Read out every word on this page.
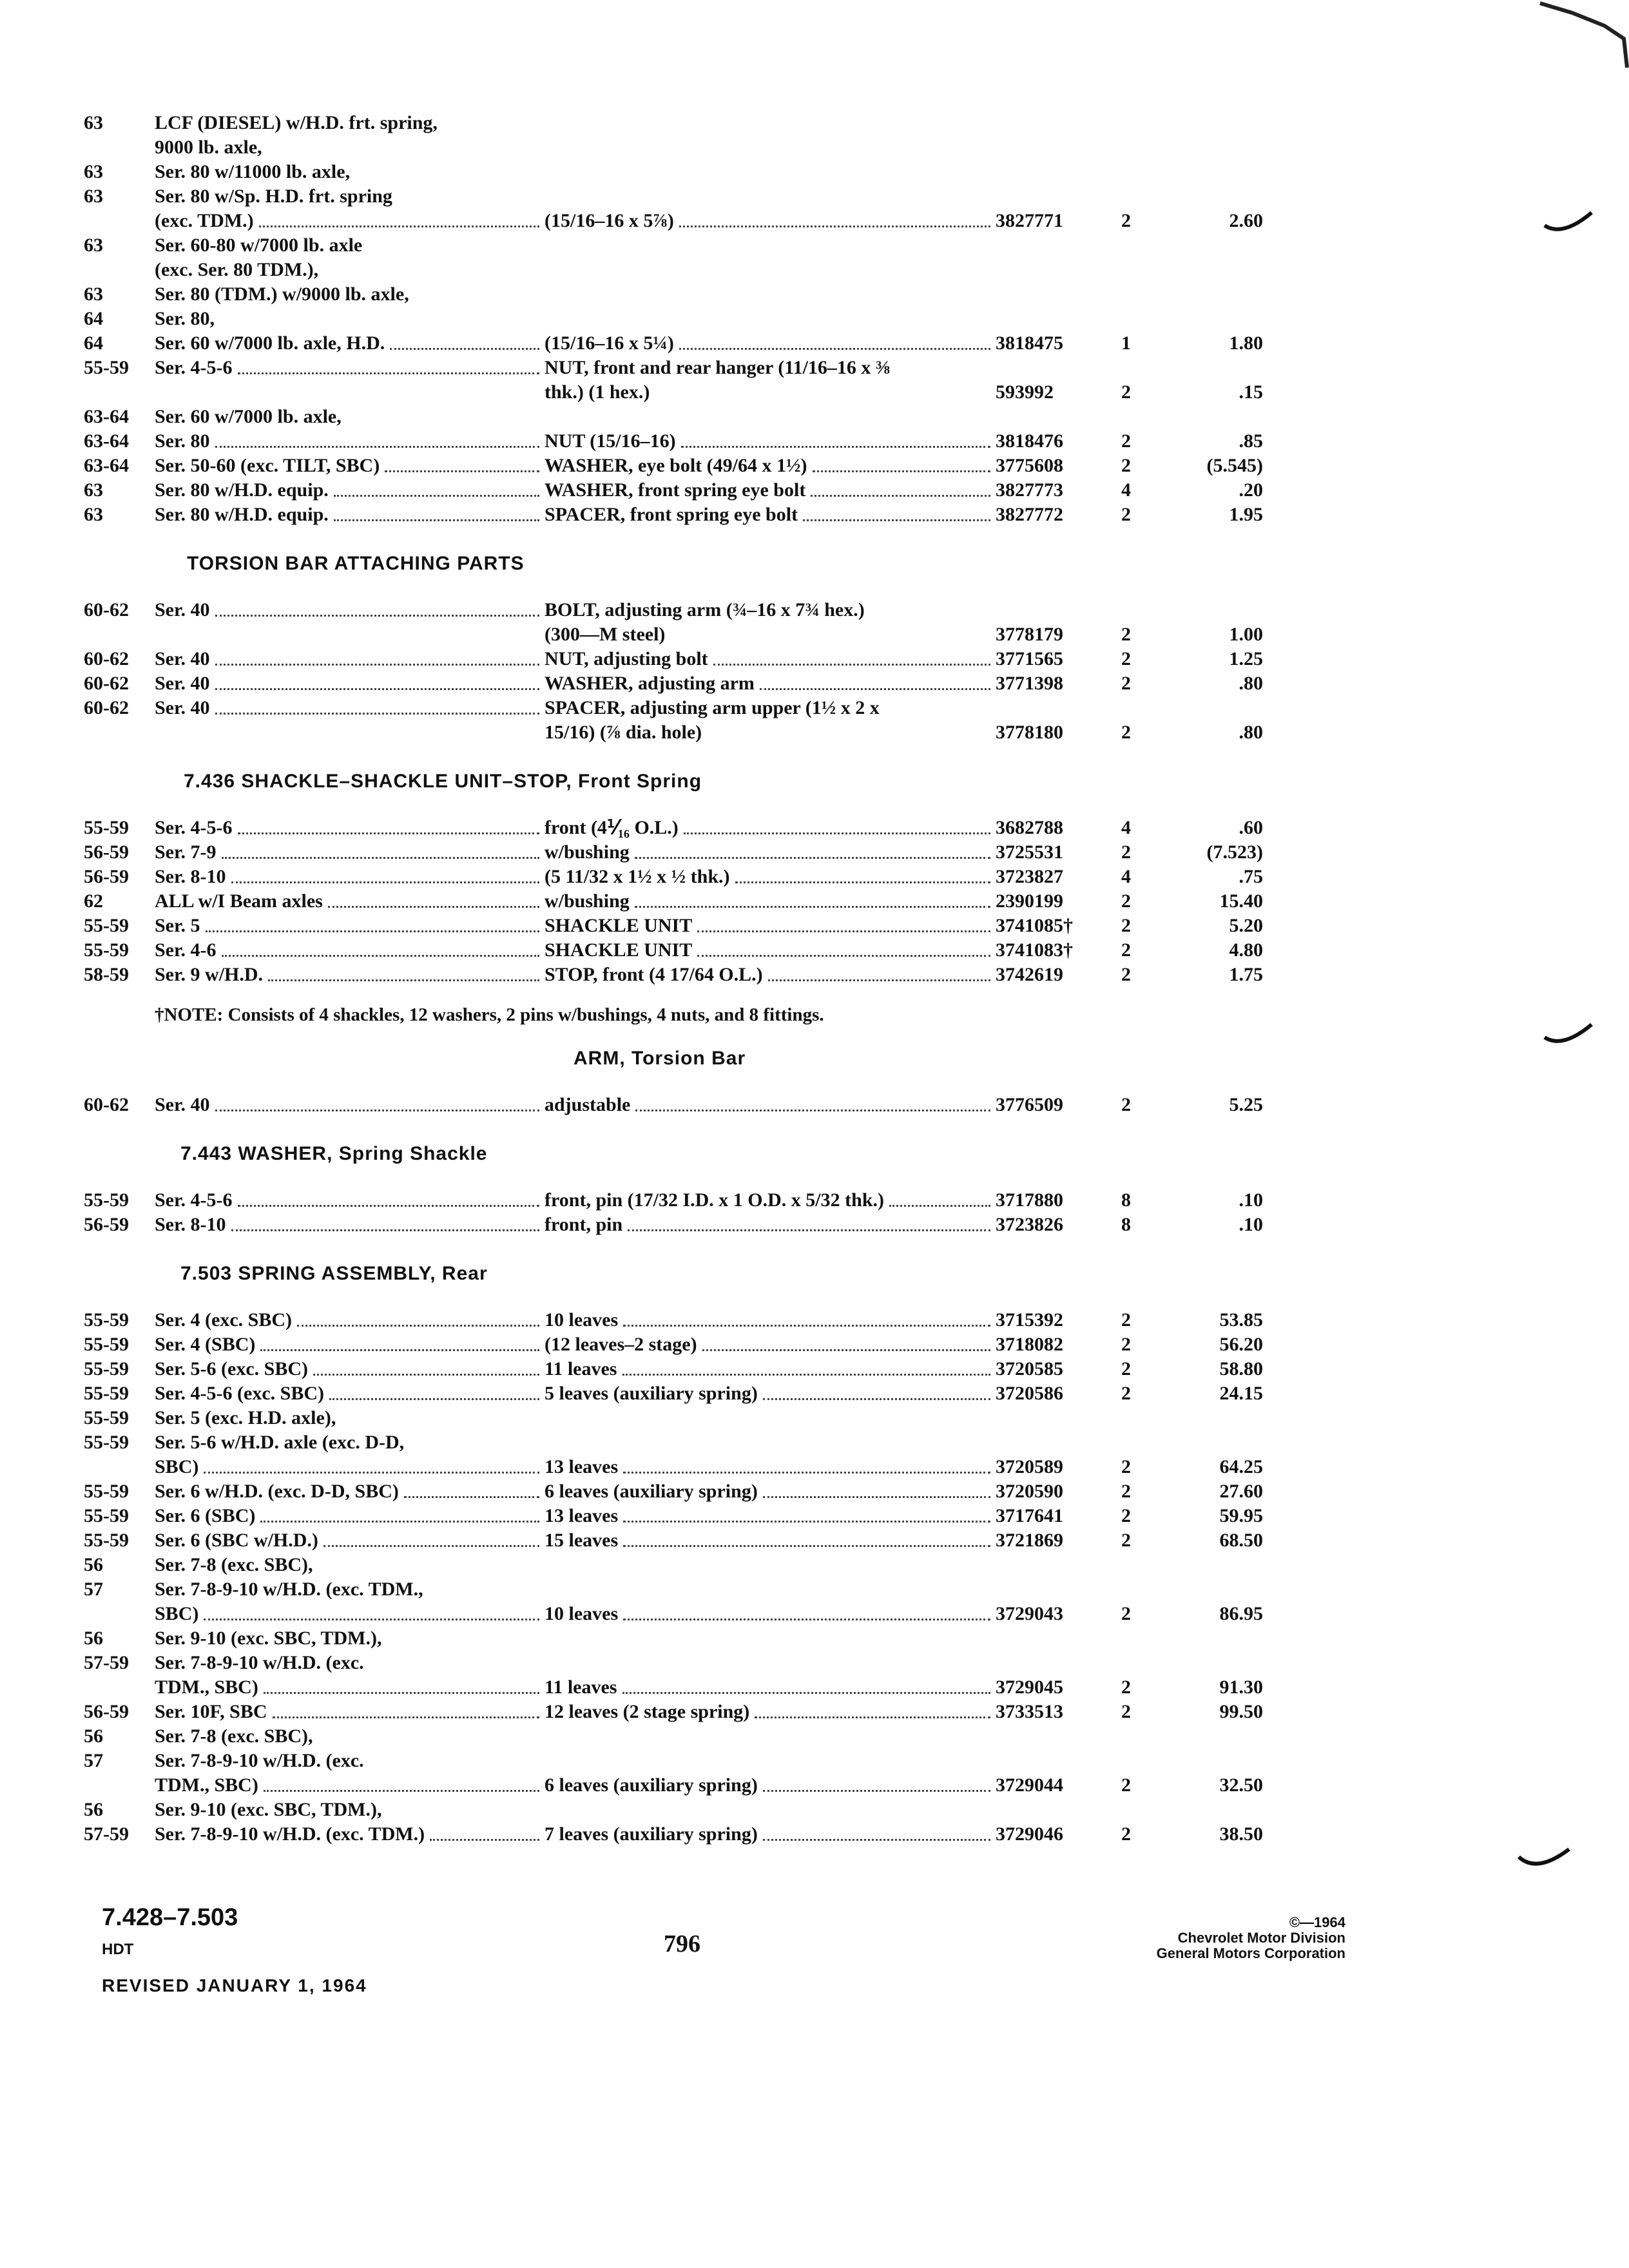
63	LCF (DIESEL) w/H.D. frt. spring,
9000 lb. axle,
63	Ser. 80 w/11000 lb. axle,
63	Ser. 80 w/Sp. H.D. frt. spring
(exc. TDM.)	(15/16–16 x 5⅞)	3827771	2	2.60
63	Ser. 60-80 w/7000 lb. axle
(exc. Ser. 80 TDM.),
63	Ser. 80 (TDM.) w/9000 lb. axle,
64	Ser. 80,
64	Ser. 60 w/7000 lb. axle, H.D.	(15/16–16 x 5¼)	3818475	1	1.80
55-59	Ser. 4-5-6	NUT, front and rear hanger (11/16–16 x ⅜
thk.) (1 hex.)	593992	2	.15
63-64	Ser. 60 w/7000 lb. axle,
63-64	Ser. 80	NUT (15/16–16)	3818476	2	.85
63-64	Ser. 50-60 (exc. TILT, SBC)	WASHER, eye bolt (49/64 x 1½)	3775608	2	(5.545)
63	Ser. 80 w/H.D. equip.	WASHER, front spring eye bolt	3827773	4	.20
63	Ser. 80 w/H.D. equip.	SPACER, front spring eye bolt	3827772	2	1.95
TORSION BAR ATTACHING PARTS
60-62	Ser. 40	BOLT, adjusting arm (¾–16 x 7¾ hex.)
(300—M steel)	3778179	2	1.00
60-62	Ser. 40	NUT, adjusting bolt	3771565	2	1.25
60-62	Ser. 40	WASHER, adjusting arm	3771398	2	.80
60-62	Ser. 40	SPACER, adjusting arm upper (1½ x 2 x
15/16) (⅞ dia. hole)	3778180	2	.80
7.436 SHACKLE–SHACKLE UNIT–STOP, Front Spring
55-59	Ser. 4-5-6	front (4⅟₁₆ O.L.)	3682788	4	.60
56-59	Ser. 7-9	w/bushing	3725531	2	(7.523)
56-59	Ser. 8-10	(5 11/32 x 1½ x ½ thk.)	3723827	4	.75
62	ALL w/I Beam axles	w/bushing	2390199	2	15.40
55-59	Ser. 5	SHACKLE UNIT	3741085†	2	5.20
55-59	Ser. 4-6	SHACKLE UNIT	3741083†	2	4.80
58-59	Ser. 9 w/H.D.	STOP, front (4 17/64 O.L.)	3742619	2	1.75
†NOTE: Consists of 4 shackles, 12 washers, 2 pins w/bushings, 4 nuts, and 8 fittings.
ARM, Torsion Bar
60-62	Ser. 40	adjustable	3776509	2	5.25
7.443 WASHER, Spring Shackle
55-59	Ser. 4-5-6	front, pin (17/32 I.D. x 1 O.D. x 5/32 thk.)	3717880	8	.10
56-59	Ser. 8-10	front, pin	3723826	8	.10
7.503 SPRING ASSEMBLY, Rear
55-59	Ser. 4 (exc. SBC)	10 leaves	3715392	2	53.85
55-59	Ser. 4 (SBC)	(12 leaves–2 stage)	3718082	2	56.20
55-59	Ser. 5-6 (exc. SBC)	11 leaves	3720585	2	58.80
55-59	Ser. 4-5-6 (exc. SBC)	5 leaves (auxiliary spring)	3720586	2	24.15
55-59	Ser. 5 (exc. H.D. axle),
55-59	Ser. 5-6 w/H.D. axle (exc. D-D,
SBC)	13 leaves	3720589	2	64.25
55-59	Ser. 6 w/H.D. (exc. D-D, SBC)	6 leaves (auxiliary spring)	3720590	2	27.60
55-59	Ser. 6 (SBC)	13 leaves	3717641	2	59.95
55-59	Ser. 6 (SBC w/H.D.)	15 leaves	3721869	2	68.50
56	Ser. 7-8 (exc. SBC),
57	Ser. 7-8-9-10 w/H.D. (exc. TDM.,
SBC)	10 leaves	3729043	2	86.95
56	Ser. 9-10 (exc. SBC, TDM.),
57-59	Ser. 7-8-9-10 w/H.D. (exc.
TDM., SBC)	11 leaves	3729045	2	91.30
56-59	Ser. 10F, SBC	12 leaves (2 stage spring)	3733513	2	99.50
56	Ser. 7-8 (exc. SBC),
57	Ser. 7-8-9-10 w/H.D. (exc.
TDM., SBC)	6 leaves (auxiliary spring)	3729044	2	32.50
56	Ser. 9-10 (exc. SBC, TDM.),
57-59	Ser. 7-8-9-10 w/H.D. (exc. TDM.)	7 leaves (auxiliary spring)	3729046	2	38.50
7.428–7.503
HDT
REVISED JANUARY 1, 1964
796
©—1964
Chevrolet Motor Division
General Motors Corporation
